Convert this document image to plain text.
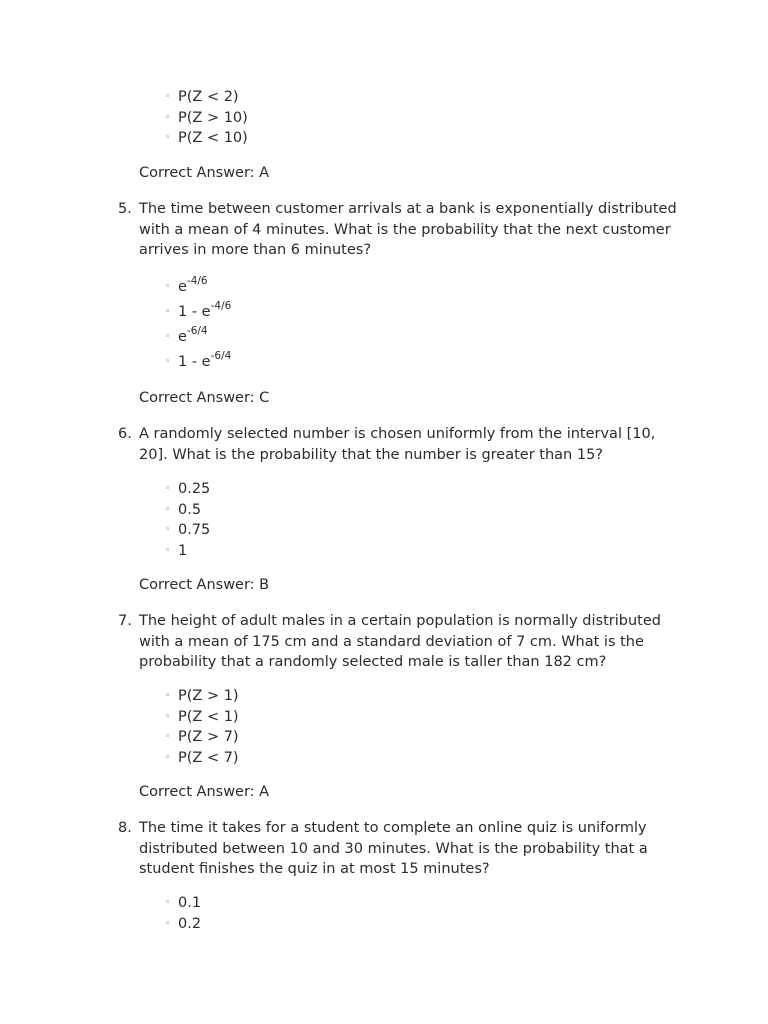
◦ P(Z < 2)
◦ P(Z > 10)
◦ P(Z < 10)
Correct Answer: A
5. The time between customer arrivals at a bank is exponentially distributed with a mean of 4 minutes. What is the probability that the next customer arrives in more than 6 minutes?
◦ $e^{-4/6}$
◦ $1 - e^{-4/6}$
◦ $e^{-6/4}$
◦ $1 - e^{-6/4}$
Correct Answer: C
6. A randomly selected number is chosen uniformly from the interval [10, 20]. What is the probability that the number is greater than 15?
◦ 0.25
◦ 0.5
◦ 0.75
◦ 1
Correct Answer: B
7. The height of adult males in a certain population is normally distributed with a mean of 175 cm and a standard deviation of 7 cm. What is the probability that a randomly selected male is taller than 182 cm?
◦ P(Z > 1)
◦ P(Z < 1)
◦ P(Z > 7)
◦ P(Z < 7)
Correct Answer: A
8. The time it takes for a student to complete an online quiz is uniformly distributed between 10 and 30 minutes. What is the probability that a student finishes the quiz in at most 15 minutes?
◦ 0.1
◦ 0.2
